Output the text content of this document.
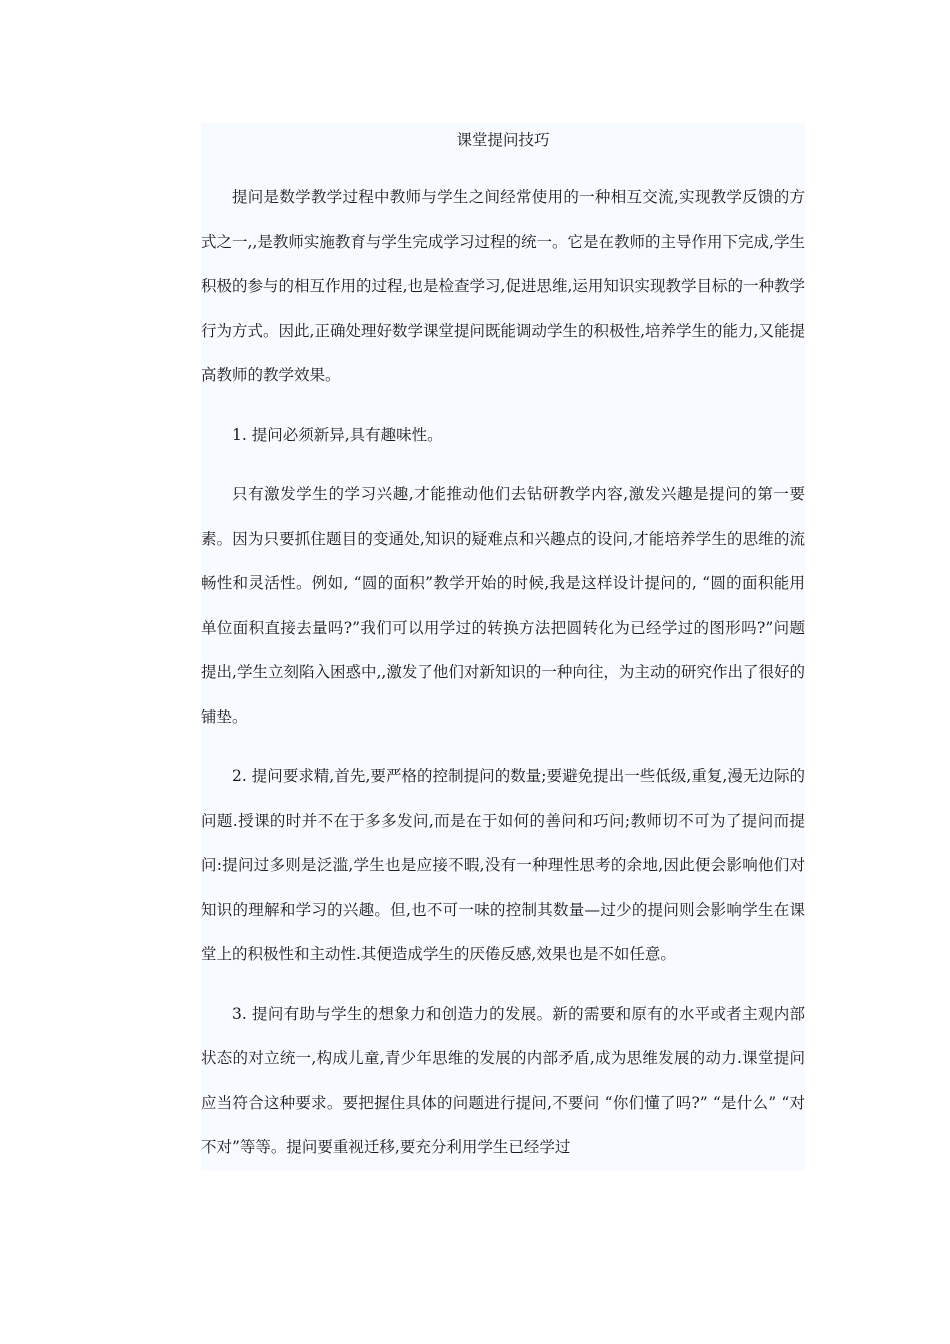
课堂提问技巧

提问是数学教学过程中教师与学生之间经常使用的一种相互交流,实现教学反馈的方式之一,,是教师实施教育与学生完成学习过程的统一。它是在教师的主导作用下完成,学生积极的参与的相互作用的过程,也是检查学习,促进思维,运用知识实现教学目标的一种教学行为方式。因此,正确处理好数学课堂提问既能调动学生的积极性,培养学生的能力,又能提高教师的教学效果。

1. 提问必须新异,具有趣味性。

只有激发学生的学习兴趣,才能推动他们去钻研教学内容,激发兴趣是提问的第一要素。因为只要抓住题目的变通处,知识的疑难点和兴趣点的设问,才能培养学生的思维的流畅性和灵活性。例如, “圆的面积”教学开始的时候,我是这样设计提问的, “圆的面积能用单位面积直接去量吗?”我们可以用学过的转换方法把圆转化为已经学过的图形吗?”问题提出,学生立刻陷入困惑中,,激发了他们对新知识的一种向往，为主动的研究作出了很好的铺垫。

2. 提问要求精,首先,要严格的控制提问的数量;要避免提出一些低级,重复,漫无边际的问题.授课的时并不在于多多发问,而是在于如何的善问和巧问;教师切不可为了提问而提问:提问过多则是泛滥,学生也是应接不暇,没有一种理性思考的余地,因此便会影响他们对知识的理解和学习的兴趣。但,也不可一味的控制其数量—过少的提问则会影响学生在课堂上的积极性和主动性.其便造成学生的厌倦反感,效果也是不如任意。

3. 提问有助与学生的想象力和创造力的发展。新的需要和原有的水平或者主观内部状态的对立统一,构成儿童,青少年思维的发展的内部矛盾,成为思维发展的动力.课堂提问应当符合这种要求。要把握住具体的问题进行提问,不要问 “你们懂了吗?” “是什么” “对不对”等等。提问要重视迁移,要充分利用学生已经学过
